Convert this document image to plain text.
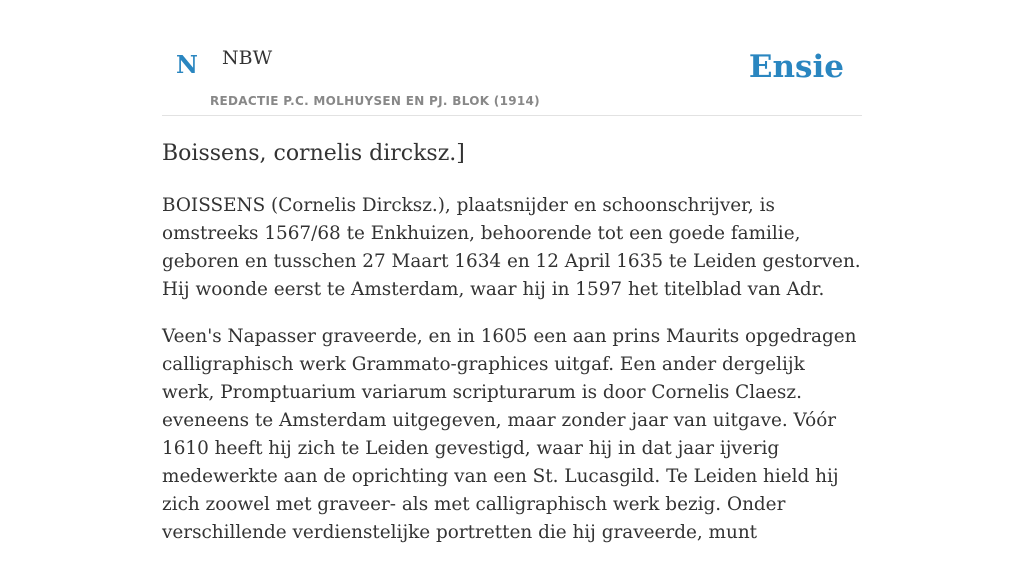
N NBW
REDACTIE P.C. MOLHUYSEN EN PJ. BLOK (1914)
Ensie
Boissens, cornelis dircksz.]

BOISSENS (Cornelis Dircksz.), plaatsnijder en schoonschrijver, is omstreeks 1567/68 te Enkhuizen, behoorende tot een goede familie, geboren en tusschen 27 Maart 1634 en 12 April 1635 te Leiden gestorven. Hij woonde eerst te Amsterdam, waar hij in 1597 het titelblad van Adr.

Veen's Napasser graveerde, en in 1605 een aan prins Maurits opgedragen calligraphisch werk Grammato-graphices uitgaf. Een ander dergelijk werk, Promptuarium variarum scripturarum is door Cornelis Claesz. eveneens te Amsterdam uitgegeven, maar zonder jaar van uitgave. Vóór 1610 heeft hij zich te Leiden gevestigd, waar hij in dat jaar ijverig medewerkte aan de oprichting van een St. Lucasgild. Te Leiden hield hij zich zoowel met graveer- als met calligraphisch werk bezig. Onder verschillende verdienstelijke portretten die hij graveerde, munt
